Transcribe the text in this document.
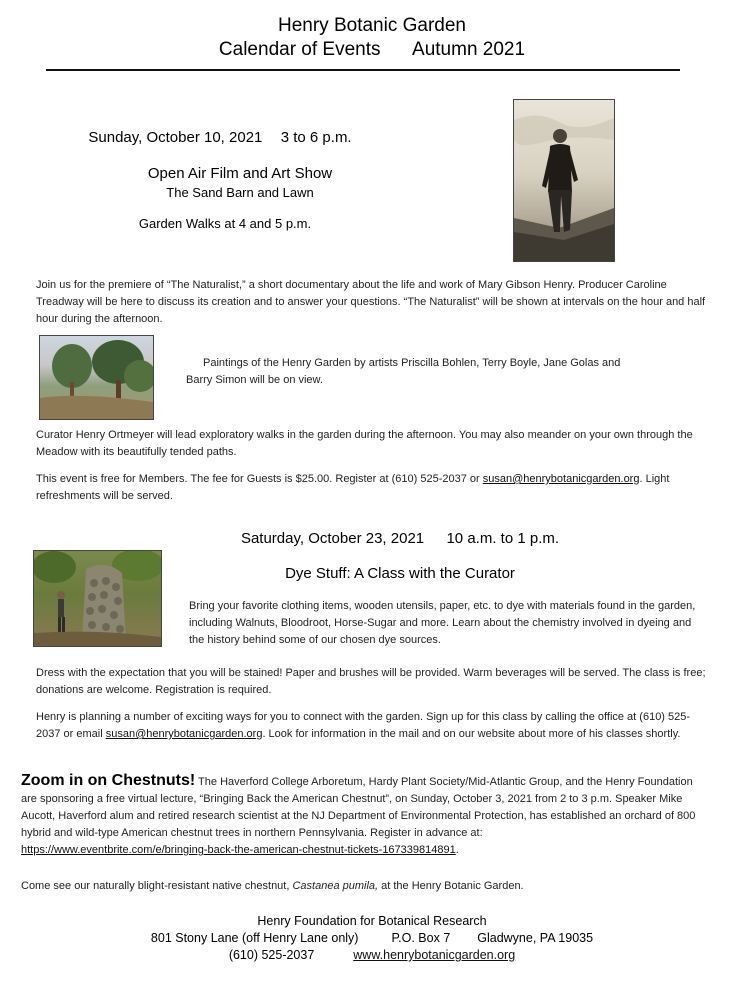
Henry Botanic Garden
Calendar of Events Autumn 2021
Sunday, October 10, 2021 3 to 6 p.m.
Open Air Film and Art Show
The Sand Barn and Lawn
Garden Walks at 4 and 5 p.m.
Join us for the premiere of “The Naturalist,” a short documentary about the life and work of Mary Gibson Henry. Producer Caroline Treadway will be here to discuss its creation and to answer your questions. “The Naturalist” will be shown at intervals on the hour and half hour during the afternoon.
Paintings of the Henry Garden by artists Priscilla Bohlen, Terry Boyle, Jane Golas and
Barry Simon will be on view.
Curator Henry Ortmeyer will lead exploratory walks in the garden during the afternoon. You may also meander on your own through the Meadow with its beautifully tended paths.
This event is free for Members. The fee for Guests is $25.00. Register at (610) 525-2037 or susan@henrybotanicgarden.org. Light refreshments will be served.
Saturday, October 23, 2021 10 a.m. to 1 p.m.
Dye Stuff: A Class with the Curator
Bring your favorite clothing items, wooden utensils, paper, etc. to dye with materials found in the garden, including Walnuts, Bloodroot, Horse-Sugar and more. Learn about the chemistry involved in dyeing and the history behind some of our chosen dye sources.
Dress with the expectation that you will be stained! Paper and brushes will be provided. Warm beverages will be served. The class is free; donations are welcome. Registration is required.
Henry is planning a number of exciting ways for you to connect with the garden. Sign up for this class by calling the office at (610) 525-2037 or email susan@henrybotanicgarden.org. Look for information in the mail and on our website about more of his classes shortly.
Zoom in on Chestnuts! The Haverford College Arboretum, Hardy Plant Society/Mid-Atlantic Group, and the Henry Foundation are sponsoring a free virtual lecture, “Bringing Back the American Chestnut”, on Sunday, October 3, 2021 from 2 to 3 p.m. Speaker Mike Aucott, Haverford alum and retired research scientist at the NJ Department of Environmental Protection, has established an orchard of 800 hybrid and wild-type American chestnut trees in northern Pennsylvania. Register in advance at:
https://www.eventbrite.com/e/bringing-back-the-american-chestnut-tickets-167339814891.
Come see our naturally blight-resistant native chestnut, Castanea pumila, at the Henry Botanic Garden.
Henry Foundation for Botanical Research
801 Stony Lane (off Henry Lane only)	P.O. Box 7 Gladwyne, PA 19035
(610) 525-2037	www.henrybotanicgarden.org
